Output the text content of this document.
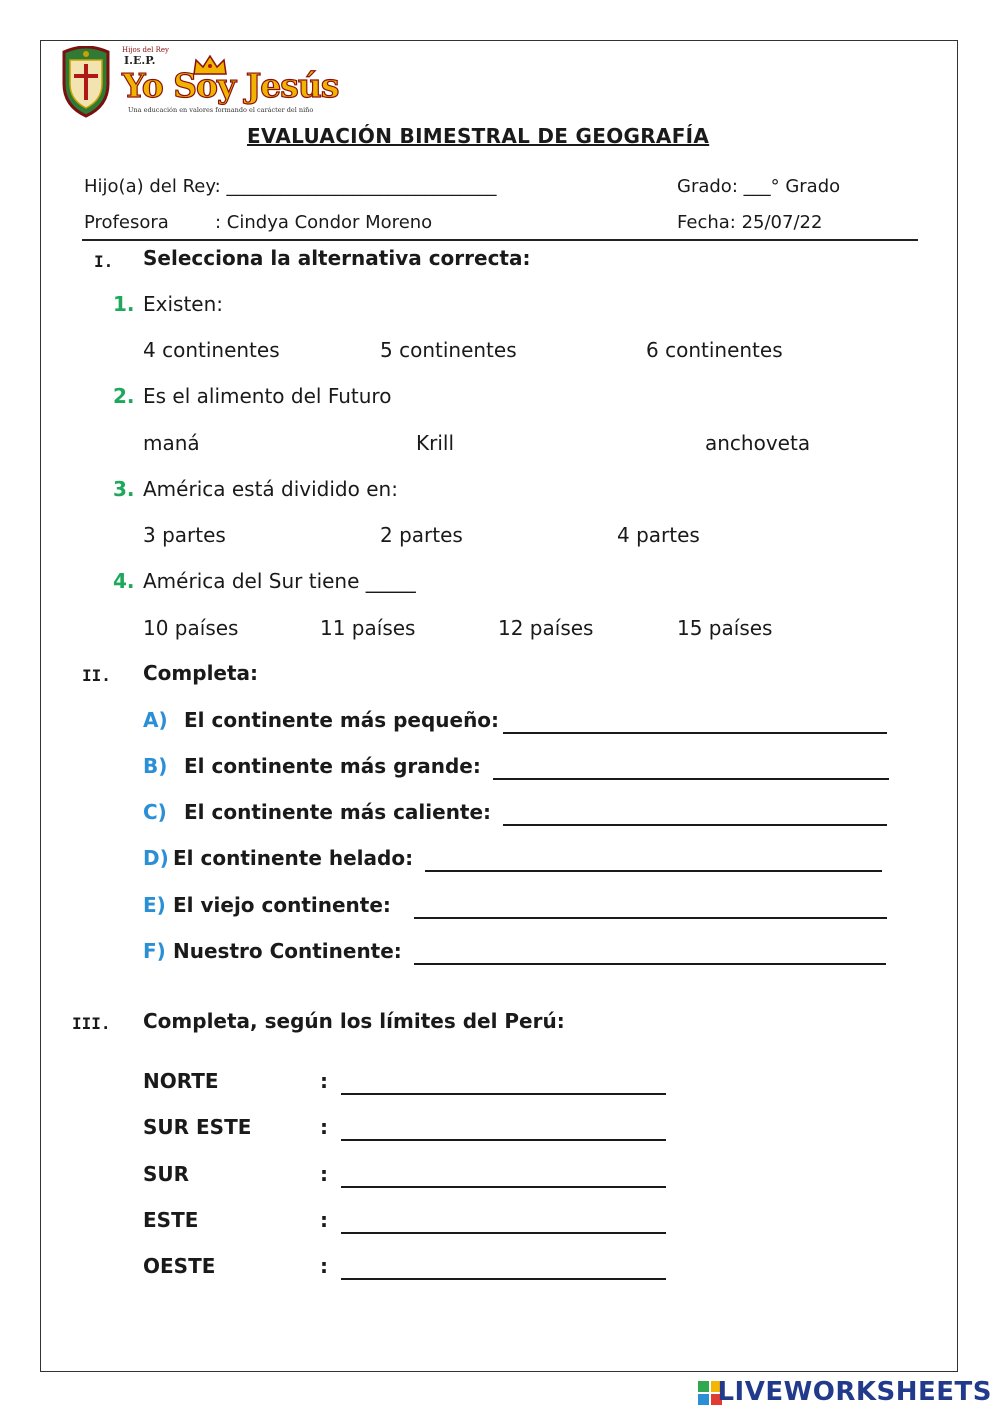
Hijos del Rey
I.E.P.
Yo Soy Jesús
Una educación en valores formando el carácter del niño
EVALUACIÓN BIMESTRAL DE GEOGRAFÍA
Hijo(a) del Rey: ______________________________	Grado: ___° Grado
Profesora	: Cindya Condor Moreno	Fecha: 25/07/22
I. Selecciona la alternativa correcta:
1. Existen:
4 continentes	5 continentes	6 continentes
2. Es el alimento del Futuro
maná	Krill	anchoveta
3. América está dividido en:
3 partes	2 partes	4 partes
4. América del Sur tiene _____
10 países	11 países	12 países	15 países
II. Completa:
A) El continente más pequeño:
B) El continente más grande:
C) El continente más caliente:
D) El continente helado:
E) El viejo continente:
F) Nuestro Continente:
III. Completa, según los límites del Perú:
NORTE	:
SUR ESTE	:
SUR	:
ESTE	:
OESTE	:
LIVEWORKSHEETS
